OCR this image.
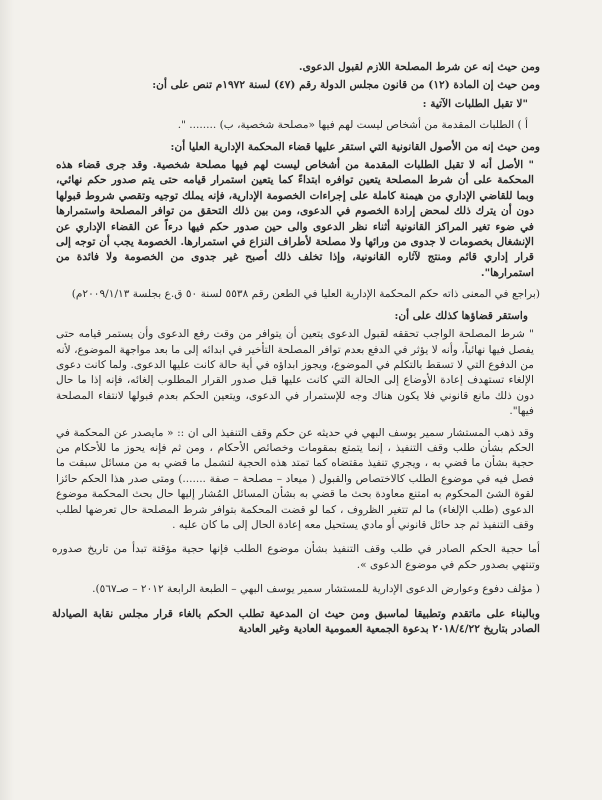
ومن حيث إنه عن شرط المصلحة اللازم لقبول الدعوى.

ومن حيث إن المادة (١٢) من قانون مجلس الدولة رقم (٤٧) لسنة ١٩٧٢م تنص على أن:

"لا تقبل الطلبات الآتية :

أ ) الطلبات المقدمة من أشخاص ليست لهم فيها «مصلحة شخصية، ب) ........ ".

ومن حيث إنه من الأصول القانونية التي استقر عليها قضاء المحكمة الإدارية العليا أن:

" الأصل أنه لا تقبل الطلبات المقدمة من أشخاص ليست لهم فيها مصلحة شخصية. وقد جرى قضاء هذه المحكمة على أن شرط المصلحة يتعين توافره ابتداءً كما يتعين استمرار قيامه حتى يتم صدور حكم نهائي، وبما للقاضي الإداري من هيمنة كاملة على إجراءات الخصومة الإدارية، فإنه يملك توجيه وتقصي شروط قبولها دون أن يترك ذلك لمحض إرادة الخصوم في الدعوى، ومن بين ذلك التحقق من توافر المصلحة واستمرارها في ضوء تغير المراكز القانونية أثناء نظر الدعوى والى حين صدور حكم فيها درءاً عن القضاء الإداري عن الإنشغال بخصومات لا جدوى من ورائها ولا مصلحة لأطراف النزاع في استمرارها. الخصومة يجب أن توجه إلى قرار إداري قائم ومنتج لآثاره القانونية، وإذا تخلف ذلك أصبح غير جدوى من الخصومة ولا فائدة من استمرارها".

(براجع في المعنى ذاته حكم المحكمة الإدارية العليا في الطعن رقم ٥٥٣٨ لسنة ٥٠ ق.ع بجلسة ٢٠٠٩/١/١٣م)

واستقر قضاؤها كذلك على أن:

" شرط المصلحة الواجب تحققه لقبول الدعوى يتعين أن يتوافر من وقت رفع الدعوى وأن يستمر قيامه حتى يفصل فيها نهائياً، وأنه لا يؤثر في الدفع بعدم توافر المصلحة التأخير في ابدائه إلى ما بعد مواجهة الموضوع، لأنه من الدفوع التي لا تسقط بالتكلم في الموضوع، ويجوز ابداؤه في أية حالة كانت عليها الدعوى. ولما كانت دعوى الإلغاء تستهدف إعادة الأوضاع إلى الحالة التي كانت عليها قبل صدور القرار المطلوب إلغائه، فإنه إذا ما حال دون ذلك مانع قانوني فلا يكون هناك وجه للإستمرار في الدعوى، ويتعين الحكم بعدم قبولها لانتفاء المصلحة فيها".

وقد ذهب المستشار سمير يوسف البهي في حديثه عن حكم وقف التنفيذ الى ان :: « مايصدر عن المحكمة في الحكم بشأن طلب وقف التنفيذ ، إنما يتمتع بمقومات وخصائص الأحكام ، ومن ثم فإنه يحوز ما للأحكام من حجية بشأن ما قضي به ، ويجري تنفيذ مقتضاه كما تمتد هذه الحجية لتشمل ما قضي به من مسائل سبقت ما فصل فيه في موضوع الطلب كالاختصاص والقبول ( ميعاد – مصلحة – صفة .......) ومتى صدر هذا الحكم حائزا لقوة الشئ المحكوم به امتنع معاودة بحث ما قضي به بشأن المسائل المُشار إليها حال بحث المحكمة موضوع الدعوى (طلب الإلغاء) ما لم تتغير الظروف ، كما لو قضت المحكمة بتوافر شرط المصلحة حال تعرضها لطلب وقف التنفيذ ثم جد حائل قانوني أو مادي يستحيل معه إعادة الحال إلى ما كان عليه .

أما حجية الحكم الصادر في طلب وقف التنفيذ بشأن موضوع الطلب فإنها حجية مؤقتة تبدأ من تاريخ صدوره وتنتهي بصدور حكم في موضوع الدعوى ».

( مؤلف دفوع وعوارض الدعوى الإدارية للمستشار سمير يوسف البهي – الطبعة الرابعة ٢٠١٢ – صـ٥٦٧).

وبالبناء على ماتقدم وتطبيقا لماسبق ومن حيث ان المدعية تطلب الحكم بالغاء قرار مجلس نقابة الصيادلة الصادر بتاريخ ٢٠١٨/٤/٢٢ بدعوة الجمعية العمومية العادية وغير العادية
